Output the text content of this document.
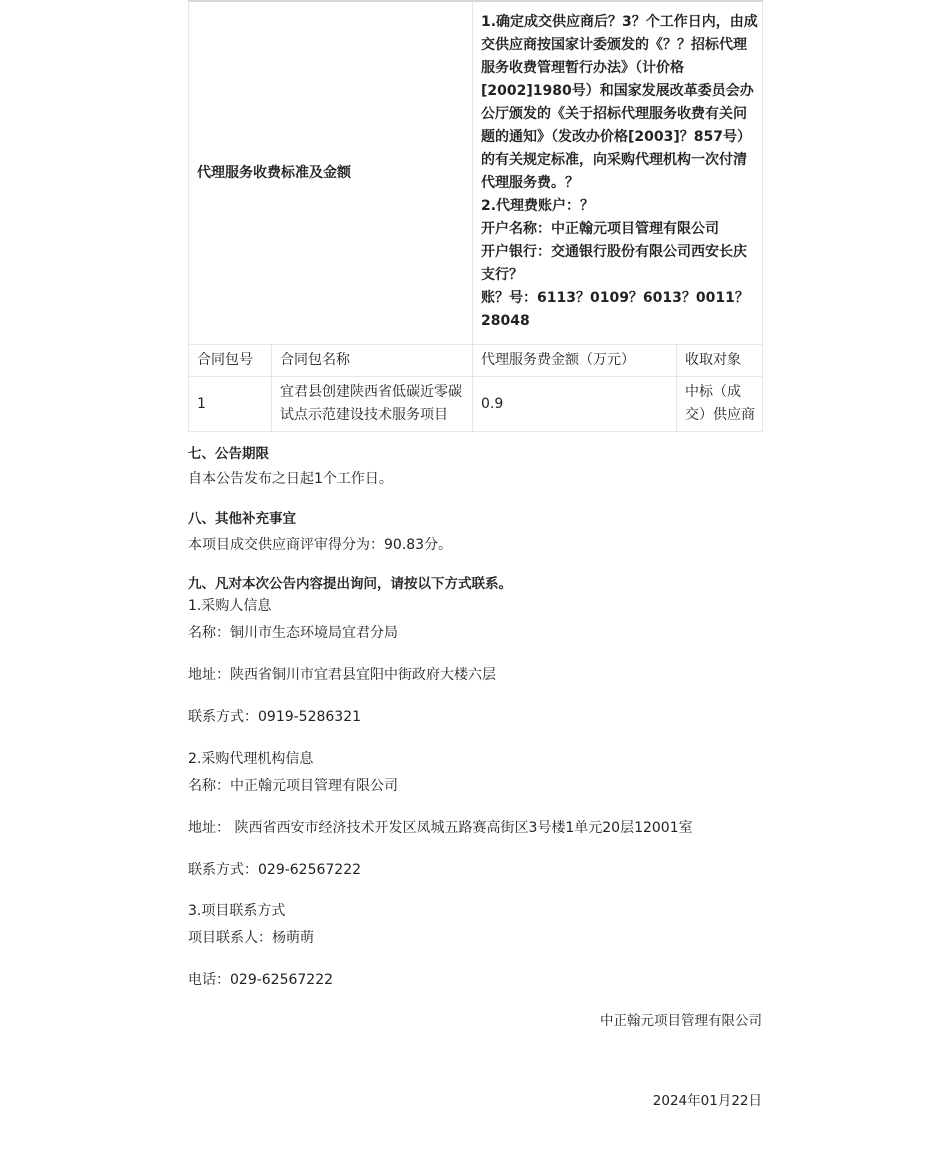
代理服务收费标准及金额		1.确定成交供应商后？3？个工作日内，由成交供应商按国家计委颁发的《？？招标代理服务收费管理暂行办法》（计价格[2002]1980号）和国家发展改革委员会办公厅颁发的《关于招标代理服务收费有关问题的通知》（发改办价格[2003]？857号）的有关规定标准，向采购代理机构一次付清代理服务费。？
2.代理费账户：？
开户名称：中正翰元项目管理有限公司
开户银行：交通银行股份有限公司西安长庆支行？
账？号：6113？0109？6013？0011？28048	

合同包号	合同包名称	代理服务费金额（万元）	收取对象
1	宜君县创建陕西省低碳近零碳试点示范建设技术服务项目	0.9	中标（成交）供应商

七、公告期限

自本公告发布之日起1个工作日。

八、其他补充事宜

本项目成交供应商评审得分为：90.83分。

九、凡对本次公告内容提出询问，请按以下方式联系。

1.采购人信息

名称：铜川市生态环境局宜君分局

地址：陕西省铜川市宜君县宜阳中街政府大楼六层

联系方式：0919-5286321

2.采购代理机构信息

名称：中正翰元项目管理有限公司

地址： 陕西省西安市经济技术开发区凤城五路赛高街区3号楼1单元20层12001室

联系方式：029-62567222

3.项目联系方式

项目联系人：杨萌萌

电话：029-62567222

中正翰元项目管理有限公司

2024年01月22日
